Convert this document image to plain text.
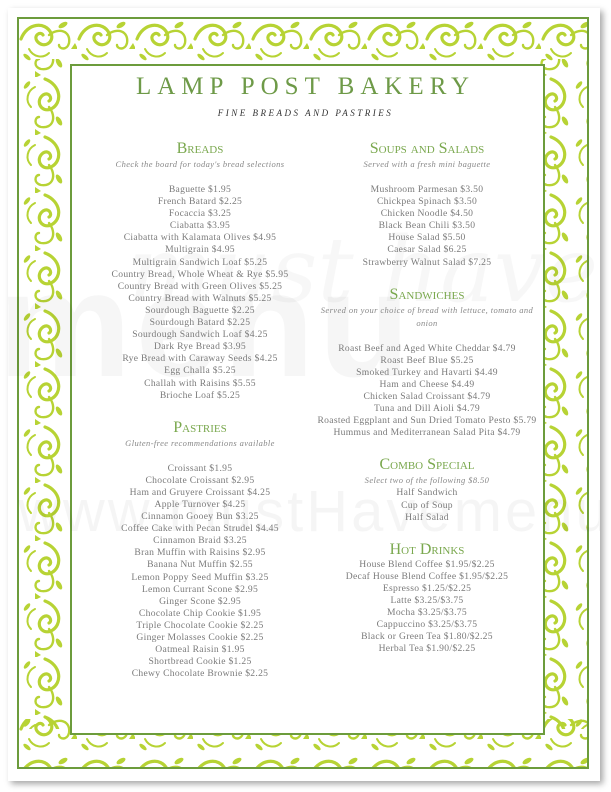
LAMP POST BAKERY
FINE BREADS AND PASTRIES
Breads
Check the board for today's bread selections
Baguette $1.95
French Batard $2.25
Focaccia $3.25
Ciabatta $3.95
Ciabatta with Kalamata Olives $4.95
Multigrain $4.95
Multigrain Sandwich Loaf $5.25
Country Bread, Whole Wheat & Rye $5.95
Country Bread with Green Olives $5.25
Country Bread with Walnuts $5.25
Sourdough Baguette $2.25
Sourdough Batard $2.25
Sourdough Sandwich Loaf $4.25
Dark Rye Bread $3.95
Rye Bread with Caraway Seeds $4.25
Egg Challa $5.25
Challah with Raisins $5.55
Brioche Loaf $5.25
Pastries
Gluten-free recommendations available
Croissant $1.95
Chocolate Croissant $2.95
Ham and Gruyere Croissant $4.25
Apple Turnover $4.25
Cinnamon Gooey Bun $3.25
Coffee Cake with Pecan Strudel $4.45
Cinnamon Braid $3.25
Bran Muffin with Raisins $2.95
Banana Nut Muffin $2.55
Lemon Poppy Seed Muffin $3.25
Lemon Currant Scone $2.95
Ginger Scone $2.95
Chocolate Chip Cookie $1.95
Triple Chocolate Cookie $2.25
Ginger Molasses Cookie $2.25
Oatmeal Raisin $1.95
Shortbread Cookie $1.25
Chewy Chocolate Brownie $2.25
Soups and Salads
Served with a fresh mini baguette
Mushroom Parmesan $3.50
Chickpea Spinach $3.50
Chicken Noodle $4.50
Black Bean Chili $3.50
House Salad $5.50
Caesar Salad $6.25
Strawberry Walnut Salad $7.25
Sandwiches
Served on your choice of bread with lettuce, tomato and onion
Roast Beef and Aged White Cheddar $4.79
Roast Beef Blue $5.25
Smoked Turkey and Havarti $4.49
Ham and Cheese $4.49
Chicken Salad Croissant $4.79
Tuna and Dill Aioli $4.79
Roasted Eggplant and Sun Dried Tomato Pesto $5.79
Hummus and Mediterranean Salad Pita $4.79
Combo Special
Select two of the following $8.50
Half Sandwich
Cup of Soup
Half Salad
Hot Drinks
House Blend Coffee $1.95/$2.25
Decaf House Blend Coffee $1.95/$2.25
Espresso $1.25/$2.25
Latte $3.25/$3.75
Mocha $3.25/$3.75
Cappuccino $3.25/$3.75
Black or Green Tea $1.80/$2.25
Herbal Tea $1.90/$2.25
